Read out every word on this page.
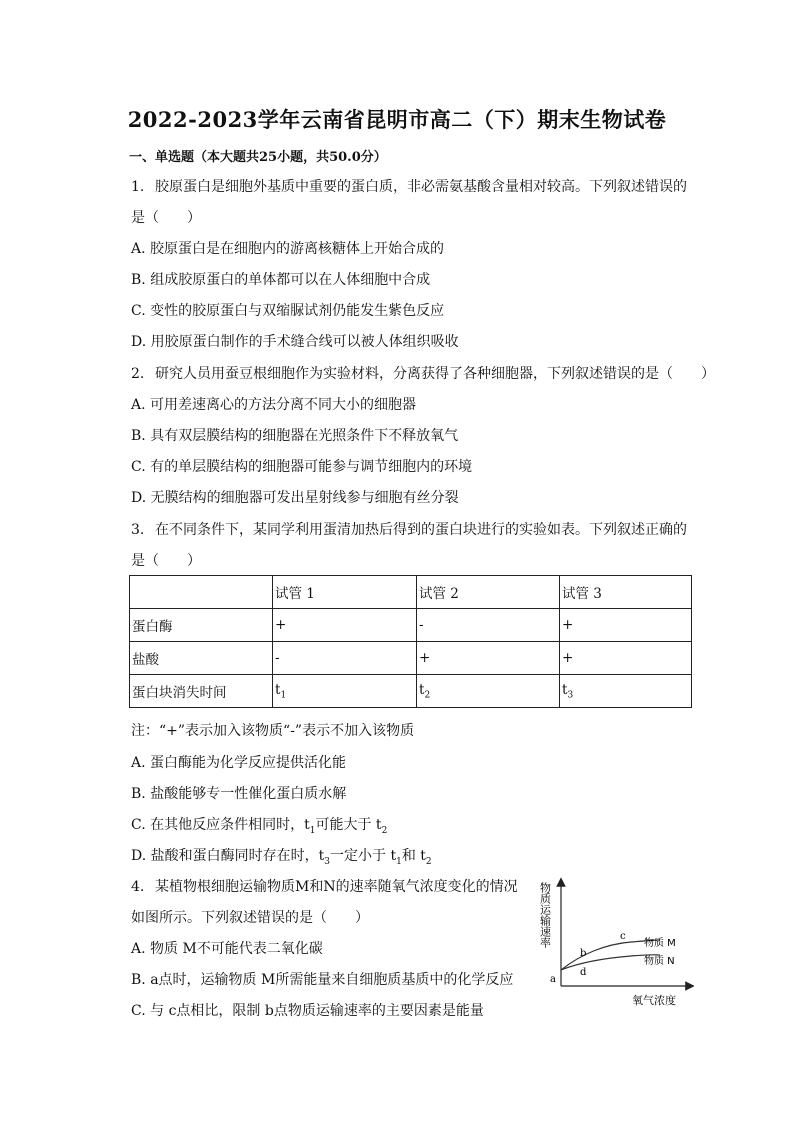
2022-2023学年云南省昆明市高二（下）期末生物试卷
一、单选题（本大题共25小题，共50.0分）
1. 胶原蛋白是细胞外基质中重要的蛋白质，非必需氨基酸含量相对较高。下列叙述错误的
是（　　）
A. 胶原蛋白是在细胞内的游离核糖体上开始合成的
B. 组成胶原蛋白的单体都可以在人体细胞中合成
C. 变性的胶原蛋白与双缩脲试剂仍能发生紫色反应
D. 用胶原蛋白制作的手术缝合线可以被人体组织吸收
2. 研究人员用蚕豆根细胞作为实验材料，分离获得了各种细胞器，下列叙述错误的是（　　）
A. 可用差速离心的方法分离不同大小的细胞器
B. 具有双层膜结构的细胞器在光照条件下不释放氧气
C. 有的单层膜结构的细胞器可能参与调节细胞内的环境
D. 无膜结构的细胞器可发出星射线参与细胞有丝分裂
3. 在不同条件下，某同学利用蛋清加热后得到的蛋白块进行的实验如表。下列叙述正确的
是（　　）
	试管 1	试管 2	试管 3
蛋白酶	+	-	+
盐酸	-	+	+
蛋白块消失时间	$t_1$	$t_2$	$t_3$
注：“+”表示加入该物质“-”表示不加入该物质
A. 蛋白酶能为化学反应提供活化能
B. 盐酸能够专一性催化蛋白质水解
C. 在其他反应条件相同时，$t_1$可能大于 $t_2$
D. 盐酸和蛋白酶同时存在时，$t_3$一定小于 $t_1$和 $t_2$
4. 某植物根细胞运输物质M和N的速率随氧气浓度变化的情况
如图所示。下列叙述错误的是（　　）
A. 物质 M不可能代表二氧化碳
B. a点时，运输物质 M所需能量来自细胞质基质中的化学反应
C. 与 c点相比，限制 b点物质运输速率的主要因素是能量
物质运输速率
氧气浓度
物质 M
物质 N
a
b
c
d
